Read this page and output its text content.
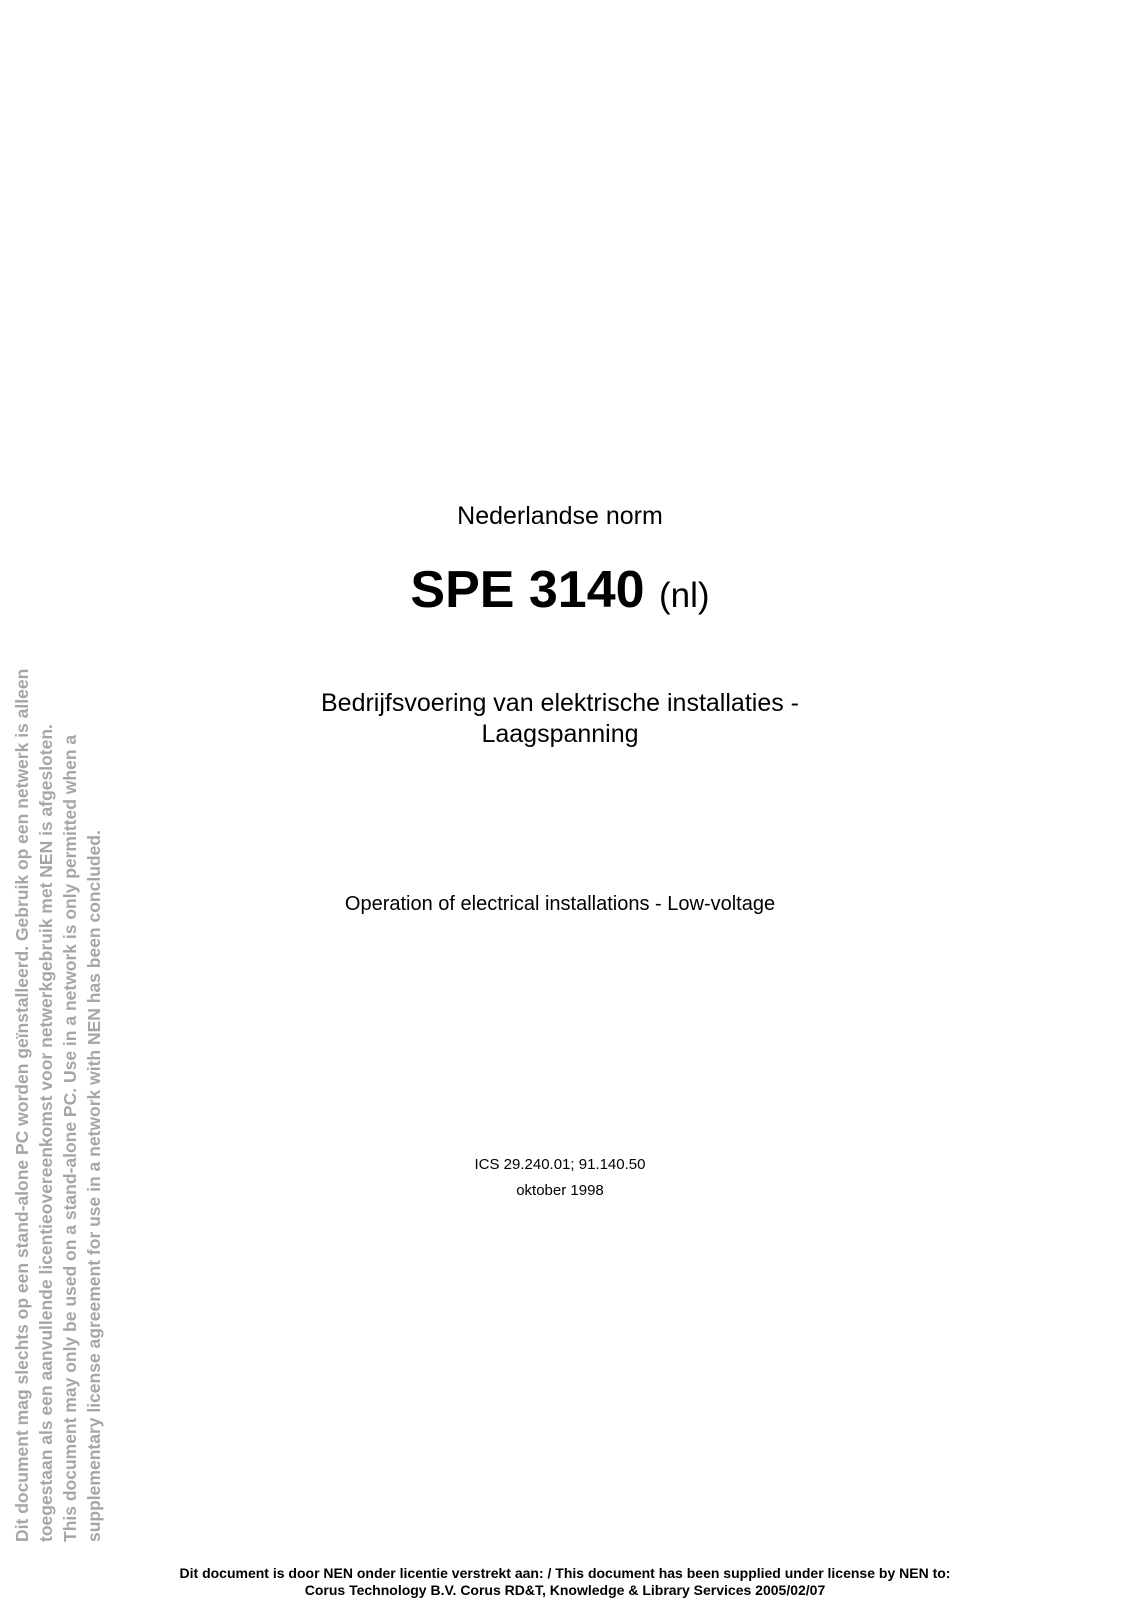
Nederlandse norm
SPE 3140 (nl)
Bedrijfsvoering van elektrische installaties -
Laagspanning
Operation of electrical installations - Low-voltage
ICS 29.240.01; 91.140.50
oktober 1998
Dit document mag slechts op een stand-alone PC worden geïnstalleerd. Gebruik op een netwerk is alleen toegestaan als een aanvullende licentieovereenkomst voor netwerkgebruik met NEN is afgesloten. This document may only be used on a stand-alone PC. Use in a network is only permitted when a supplementary license agreement for use in a network with NEN has been concluded.
Dit document is door NEN onder licentie verstrekt aan: / This document has been supplied under license by NEN to:
Corus Technology B.V. Corus RD&T, Knowledge & Library Services 2005/02/07
